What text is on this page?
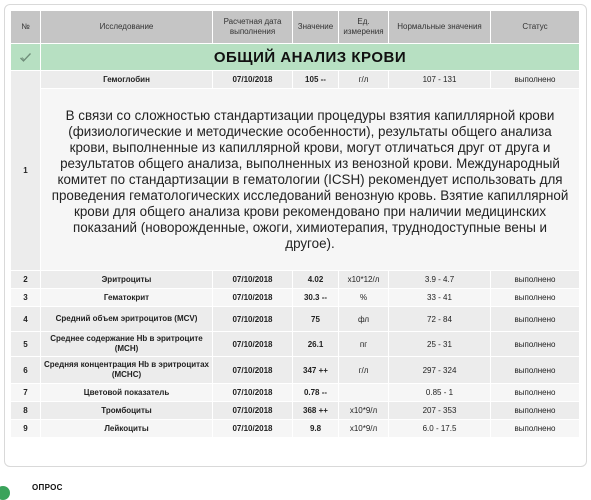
№	Исследование	Расчетная дата выполнения	Значение	Ед. измерения	Нормальные значения	Статус

	ОБЩИЙ АНАЛИЗ КРОВИ					
1	Гемоглобин	07/10/2018	105 --	г/л	107 - 131	выполнено
	В связи со сложностью стандартизации процедуры взятия капиллярной крови (физиологические и методические особенности), результаты общего анализа крови, выполненные из капиллярной крови, могут отличаться друг от друга и результатов общего анализа, выполненных из венозной крови. Международный комитет по стандартизации в гематологии (ICSH) рекомендует использовать для проведения гематологических исследований венозную кровь. Взятие капиллярной крови для общего анализа крови рекомендовано при наличии медицинских показаний (новорожденные, ожоги, химиотерапия, труднодоступные вены и другое).					
2	Эритроциты	07/10/2018	4.02	x10*12/л	3.9 - 4.7	выполнено
3	Гематокрит	07/10/2018	30.3 --	%	33 - 41	выполнено
4	Средний объем эритроцитов (MCV)	07/10/2018	75	фл	72 - 84	выполнено
5	Среднее содержание Hb в эритроците (MCH)	07/10/2018	26.1	пг	25 - 31	выполнено
6	Средняя концентрация Hb в эритроцитах (MCHC)	07/10/2018	347 ++	г/л	297 - 324	выполнено
7	Цветовой показатель	07/10/2018	0.78 --		0.85 - 1	выполнено
8	Тромбоциты	07/10/2018	368 ++	x10*9/л	207 - 353	выполнено
9	Лейкоциты	07/10/2018	9.8	x10*9/л	6.0 - 17.5	выполнено
ОПРОС
